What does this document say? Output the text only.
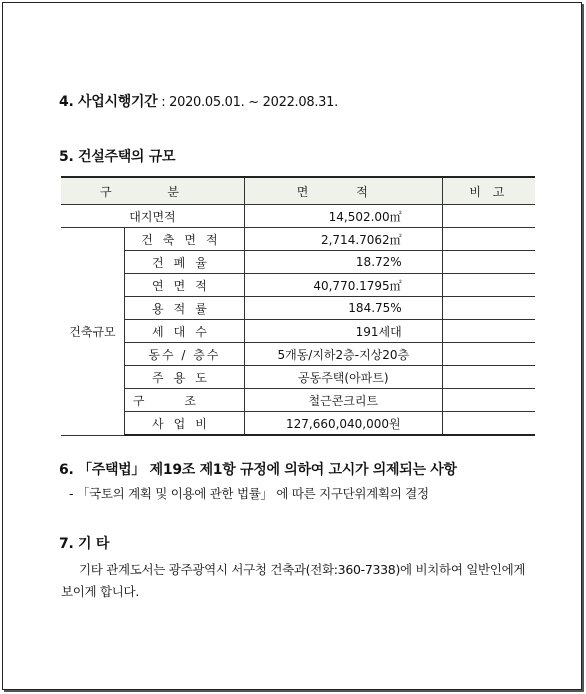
4. 사업시행기간 : 2020.05.01. ~ 2022.08.31.
5. 건설주택의 규모
구 분		면 적	비 고
대지면적		14,502.00㎡	
건축규모	건축면적	2,714.7062㎡	
	건폐율	18.72%	
	연면적	40,770.1795㎡	
	용적률	184.75%	
	세대수	191세대	
	동수 / 층수	5개동/지하2층-지상20층	
	주용도	공동주택(아파트)	
	구조	철근콘크리트	
	사업비	127,660,040,000원	
6. 「주택법」 제19조 제1항 규정에 의하여 고시가 의제되는 사항
- 「국토의 계획 및 이용에 관한 법률」 에 따른 지구단위계획의 결정
7. 기 타
기타 관계도서는 광주광역시 서구청 건축과(전화:360-7338)에 비치하여 일반인에게
보이게 합니다.
